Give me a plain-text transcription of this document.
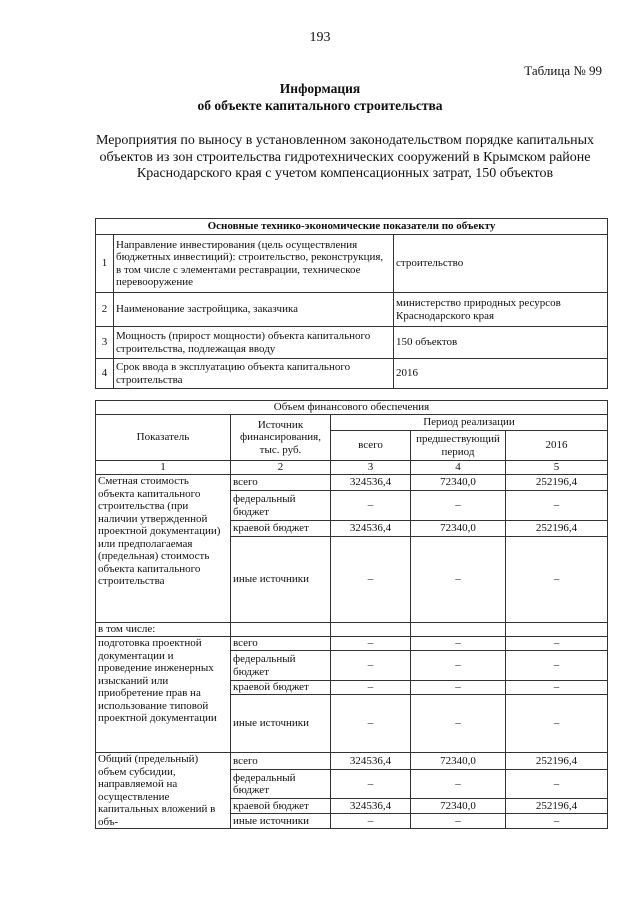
193
Таблица № 99
Информация
об объекте капитального строительства
Мероприятия по выносу в установленном законодательством порядке капитальных объектов из зон строительства гидротехнических сооружений в Крымском районе Краснодарского края с учетом компенсационных затрат, 150 объектов
Основные технико-экономические показатели по объекту		
1	Направление инвестирования (цель осуществления бюджетных инвестиций): строительство, реконструкция, в том числе с элементами реставрации, техническое перевооружение	строительство
2	Наименование застройщика, заказчика	министерство природных ресурсов Краснодарского края
3	Мощность (прирост мощности) объекта капитального строительства, подлежащая вводу	150 объектов
4	Срок ввода в эксплуатацию объекта капитального строительства	2016
Объем финансового обеспечения				
Показатель	Источник финансирования, тыс. руб.	Период реализации		
		всего	предшествующий период	2016
1	2	3	4	5
Сметная стоимость объекта капитального строительства (при наличии утвержденной проектной документации) или предполагаемая (предельная) стоимость объекта капитального строительства	всего	324536,4	72340,0	252196,4
	федеральный бюджет	–	–	–
	краевой бюджет	324536,4	72340,0	252196,4
	иные источники	–	–	–
в том числе:				
подготовка проектной документации и проведение инженерных изысканий или приобретение прав на использование типовой проектной документации	всего	–	–	–
	федеральный бюджет	–	–	–
	краевой бюджет	–	–	–
	иные источники	–	–	–
Общий (предельный) объем субсидии, направляемой на осуществление капитальных вложений в объ-	всего	324536,4	72340,0	252196,4
	федеральный бюджет	–	–	–
	краевой бюджет	324536,4	72340,0	252196,4
	иные источники	–	–	–
